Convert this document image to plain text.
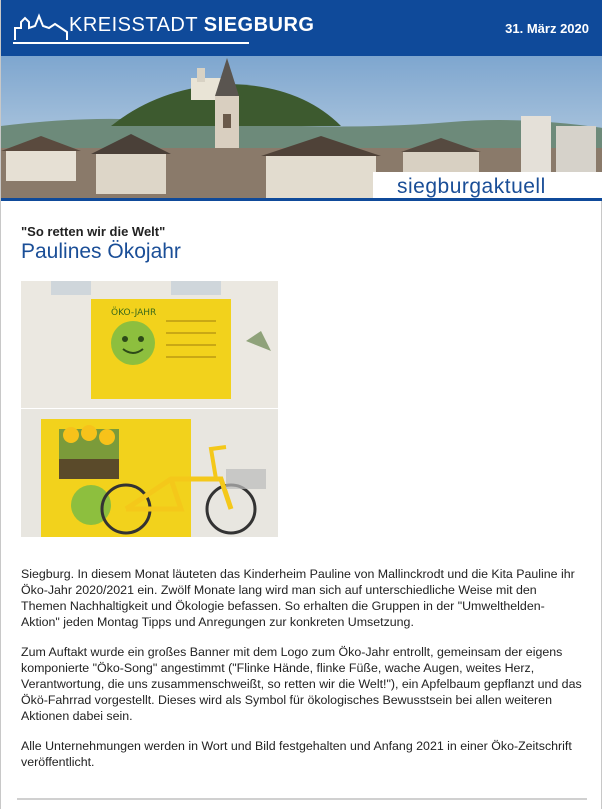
KREISSTADT SIEGBURG	31. März 2020
siegburgaktuell
"So retten wir die Welt"
Paulines Ökojahr
ÖKO-JAHR

Siegburg. In diesem Monat läuteten das Kinderheim Pauline von Mallinckrodt und die Kita Pauline ihr Öko-Jahr 2020/2021 ein. Zwölf Monate lang wird man sich auf unterschiedliche Weise mit den Themen Nachhaltigkeit und Ökologie befassen. So erhalten die Gruppen in der "Umwelthelden-Aktion" jeden Montag Tipps und Anregungen zur konkreten Umsetzung.

Zum Auftakt wurde ein großes Banner mit dem Logo zum Öko-Jahr entrollt, gemeinsam der eigens komponierte "Öko-Song" angestimmt ("Flinke Hände, flinke Füße, wache Augen, weites Herz, Verantwortung, die uns zusammenschweißt, so retten wir die Welt!"), ein Apfelbaum gepflanzt und das Ökö-Fahrrad vorgestellt. Dieses wird als Symbol für ökologisches Bewusstsein bei allen weiteren Aktionen dabei sein.

Alle Unternehmungen werden in Wort und Bild festgehalten und Anfang 2021 in einer Öko-Zeitschrift veröffentlicht.
